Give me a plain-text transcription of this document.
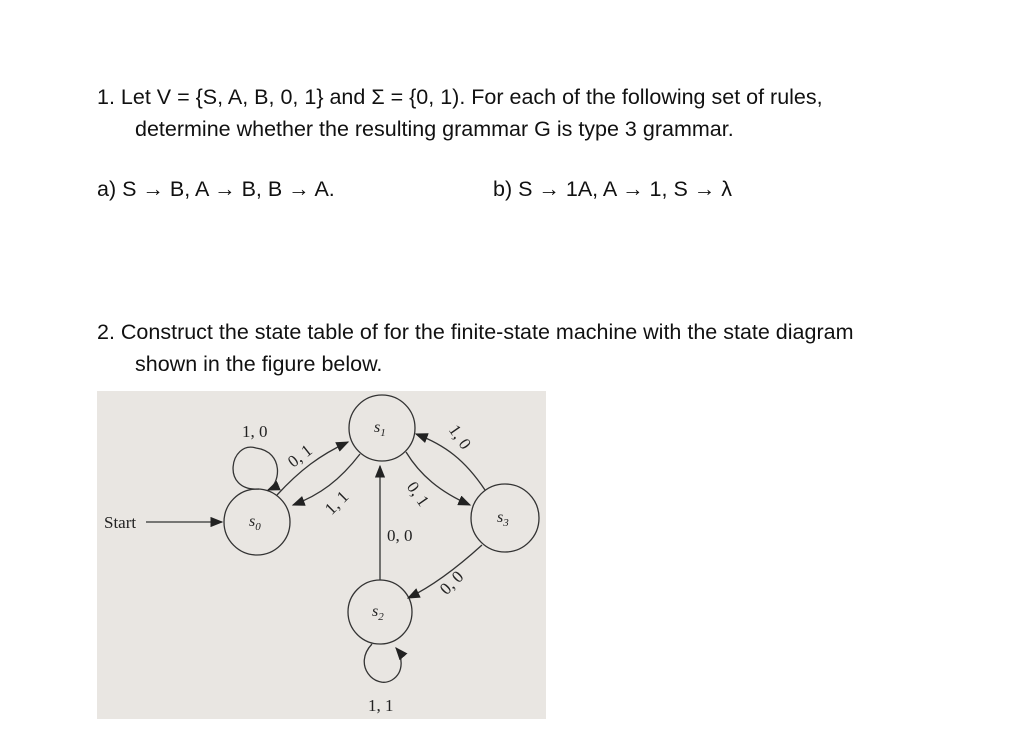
1. Let V = {S, A, B, 0, 1} and Σ = {0, 1). For each of the following set of rules,
determine whether the resulting grammar G is type 3 grammar.
a) S → B, A → B, B → A.	b) S → 1A, A → 1, S → λ
2. Construct the state table of for the finite-state machine with the state diagram
shown in the figure below.
Start	$s_0$
$s_1$
$s_2$
$s_3$
1, 0
0, 1
1, 1	0, 1
1, 0
0, 0
0, 0
1, 1
